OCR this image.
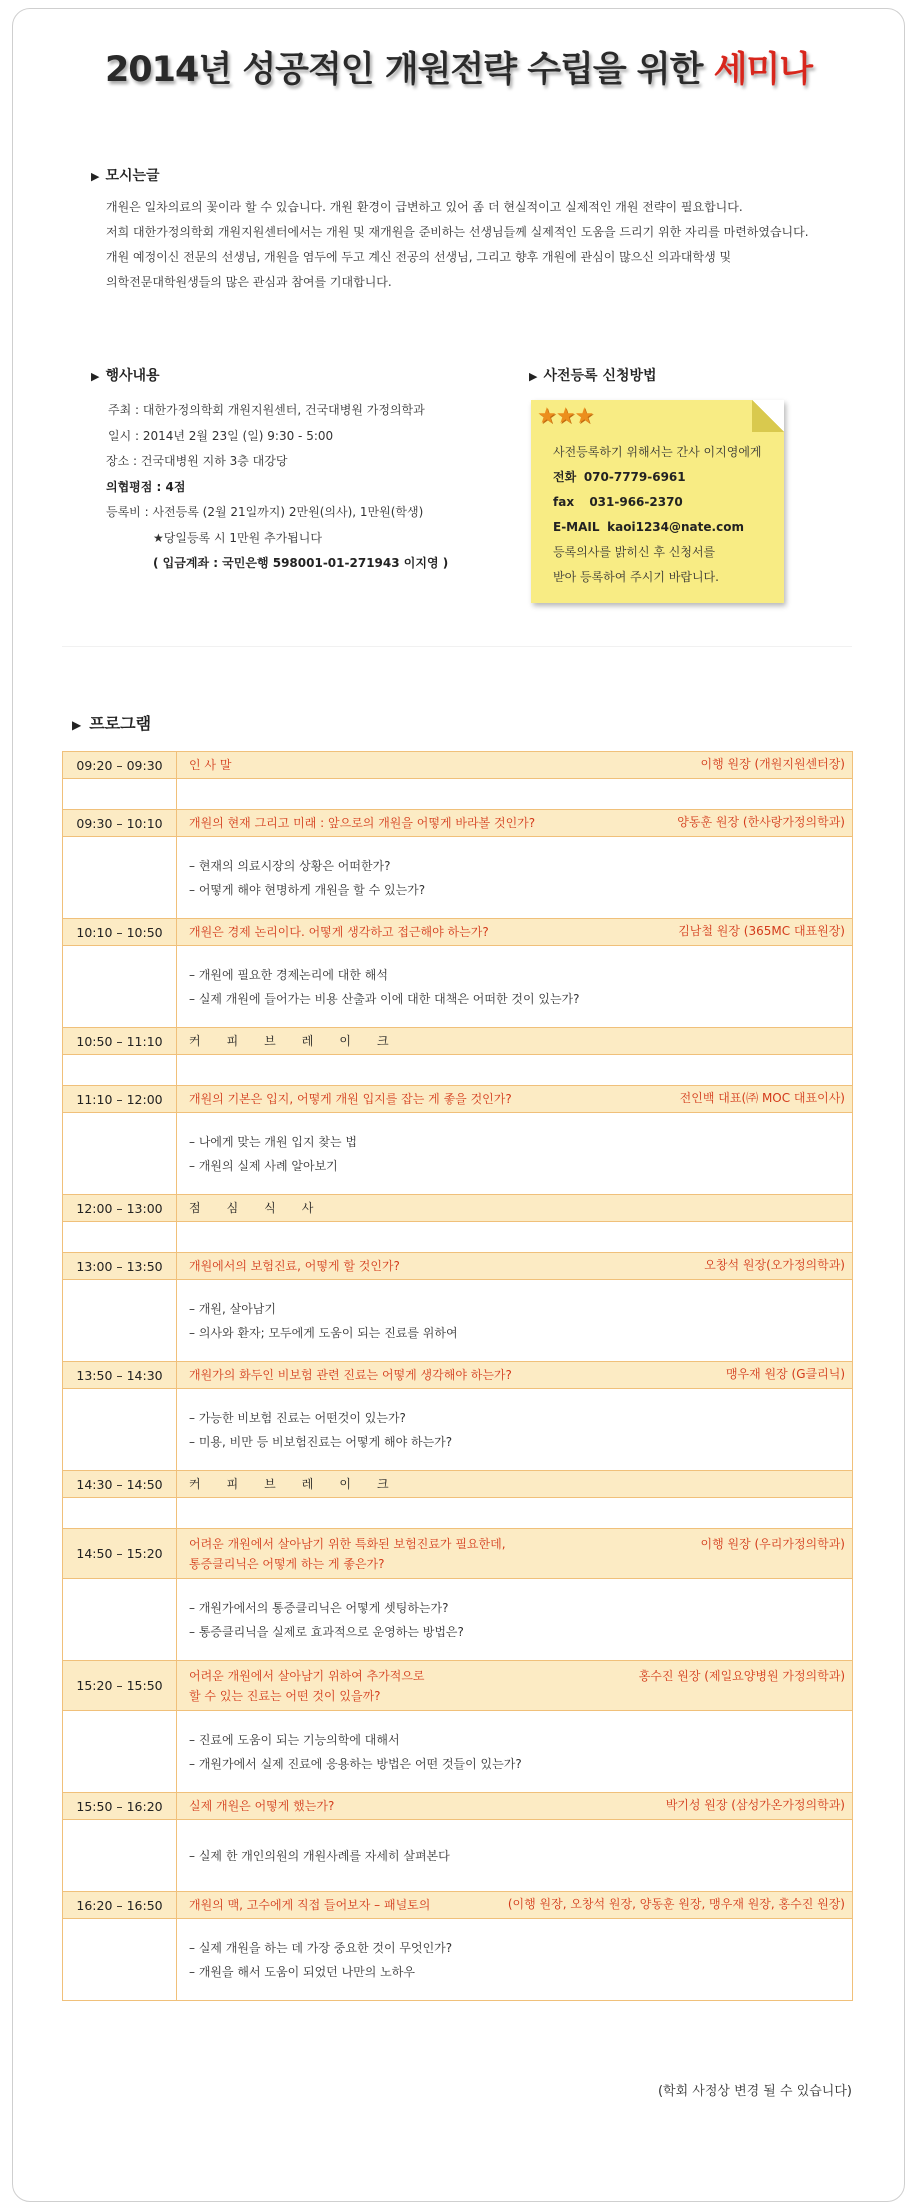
2014년 성공적인 개원전략 수립을 위한 세미나
▶ 모시는글

개원은 일차의료의 꽃이라 할 수 있습니다. 개원 환경이 급변하고 있어 좀 더 현실적이고 실제적인 개원 전략이 필요합니다.

저희 대한가정의학회 개원지원센터에서는 개원 및 재개원을 준비하는 선생님들께 실제적인 도움을 드리기 위한 자리를 마련하였습니다.

개원 예정이신 전문의 선생님, 개원을 염두에 두고 계신 전공의 선생님, 그리고 향후 개원에 관심이 많으신 의과대학생 및

의학전문대학원생들의 많은 관심과 참여를 기대합니다.

▶ 행사내용
주최 : 대한가정의학회 개원지원센터, 건국대병원 가정의학과
일시 : 2014년 2월 23일 (일) 9:30 - 5:00
장소 : 건국대병원 지하 3층 대강당
의협평점 : 4점
등록비 : 사전등록 (2월 21일까지) 2만원(의사), 1만원(학생)
★당일등록 시 1만원 추가됩니다
( 입금계좌 : 국민은행 598001-01-271943 이지영 )
▶ 사전등록 신청방법
★★★
사전등록하기 위해서는 간사 이지영에게
전화 070-7779-6961
fax 031-966-2370
E-MAIL kaoi1234@nate.com
등록의사를 밝히신 후 신청서를
받아 등록하여 주시기 바랍니다.
▶ 프로그램
09:20 – 09:30	인 사 말 이행 원장 (개원지원센터장)

09:30 – 10:10	개원의 현재 그리고 미래 : 앞으로의 개원을 어떻게 바라볼 것인가? 양동훈 원장 (한사랑가정의학과)

	– 현재의 의료시장의 상황은 어떠한가?
– 어떻게 해야 현명하게 개원을 할 수 있는가?

10:10 – 10:50	개원은 경제 논리이다. 어떻게 생각하고 접근해야 하는가? 김남철 원장 (365MC 대표원장)

	– 개원에 필요한 경제논리에 대한 해석
– 실제 개원에 들어가는 비용 산출과 이에 대한 대책은 어떠한 것이 있는가?

10:50 – 11:10	커피브레이크

11:10 – 12:00	개원의 기본은 입지, 어떻게 개원 입지를 잡는 게 좋을 것인가? 전인백 대표(㈜ MOC 대표이사)

	– 나에게 맞는 개원 입지 찾는 법
– 개원의 실제 사례 알아보기

12:00 – 13:00	점심식사

13:00 – 13:50	개원에서의 보험진료, 어떻게 할 것인가? 오창석 원장(오가정의학과)

	– 개원, 살아남기
– 의사와 환자; 모두에게 도움이 되는 진료를 위하여

13:50 – 14:30	개원가의 화두인 비보험 관련 진료는 어떻게 생각해야 하는가? 맹우재 원장 (G클리닉)

	– 가능한 비보험 진료는 어떤것이 있는가?
– 미용, 비만 등 비보험진료는 어떻게 해야 하는가?

14:30 – 14:50	커피브레이크

14:50 – 15:20	어려운 개원에서 살아남기 위한 특화된 보험진료가 필요한데,
통증클리닉은 어떻게 하는 게 좋은가?
이행 원장 (우리가정의학과)

	– 개원가에서의 통증클리닉은 어떻게 셋팅하는가?
– 통증클리닉을 실제로 효과적으로 운영하는 방법은?

15:20 – 15:50	어려운 개원에서 살아남기 위하여 추가적으로
할 수 있는 진료는 어떤 것이 있을까?
홍수진 원장 (제일요양병원 가정의학과)

	– 진료에 도움이 되는 기능의학에 대해서
– 개원가에서 실제 진료에 응용하는 방법은 어떤 것들이 있는가?

15:50 – 16:20	실제 개원은 어떻게 했는가? 박기성 원장 (삼성가온가정의학과)

	– 실제 한 개인의원의 개원사례를 자세히 살펴본다

16:20 – 16:50	개원의 맥, 고수에게 직접 들어보자 – 패널토의 (이행 원장, 오창석 원장, 양동훈 원장, 맹우재 원장, 홍수진 원장)

	– 실제 개원을 하는 데 가장 중요한 것이 무엇인가?
– 개원을 해서 도움이 되었던 나만의 노하우
(학회 사정상 변경 될 수 있습니다)
